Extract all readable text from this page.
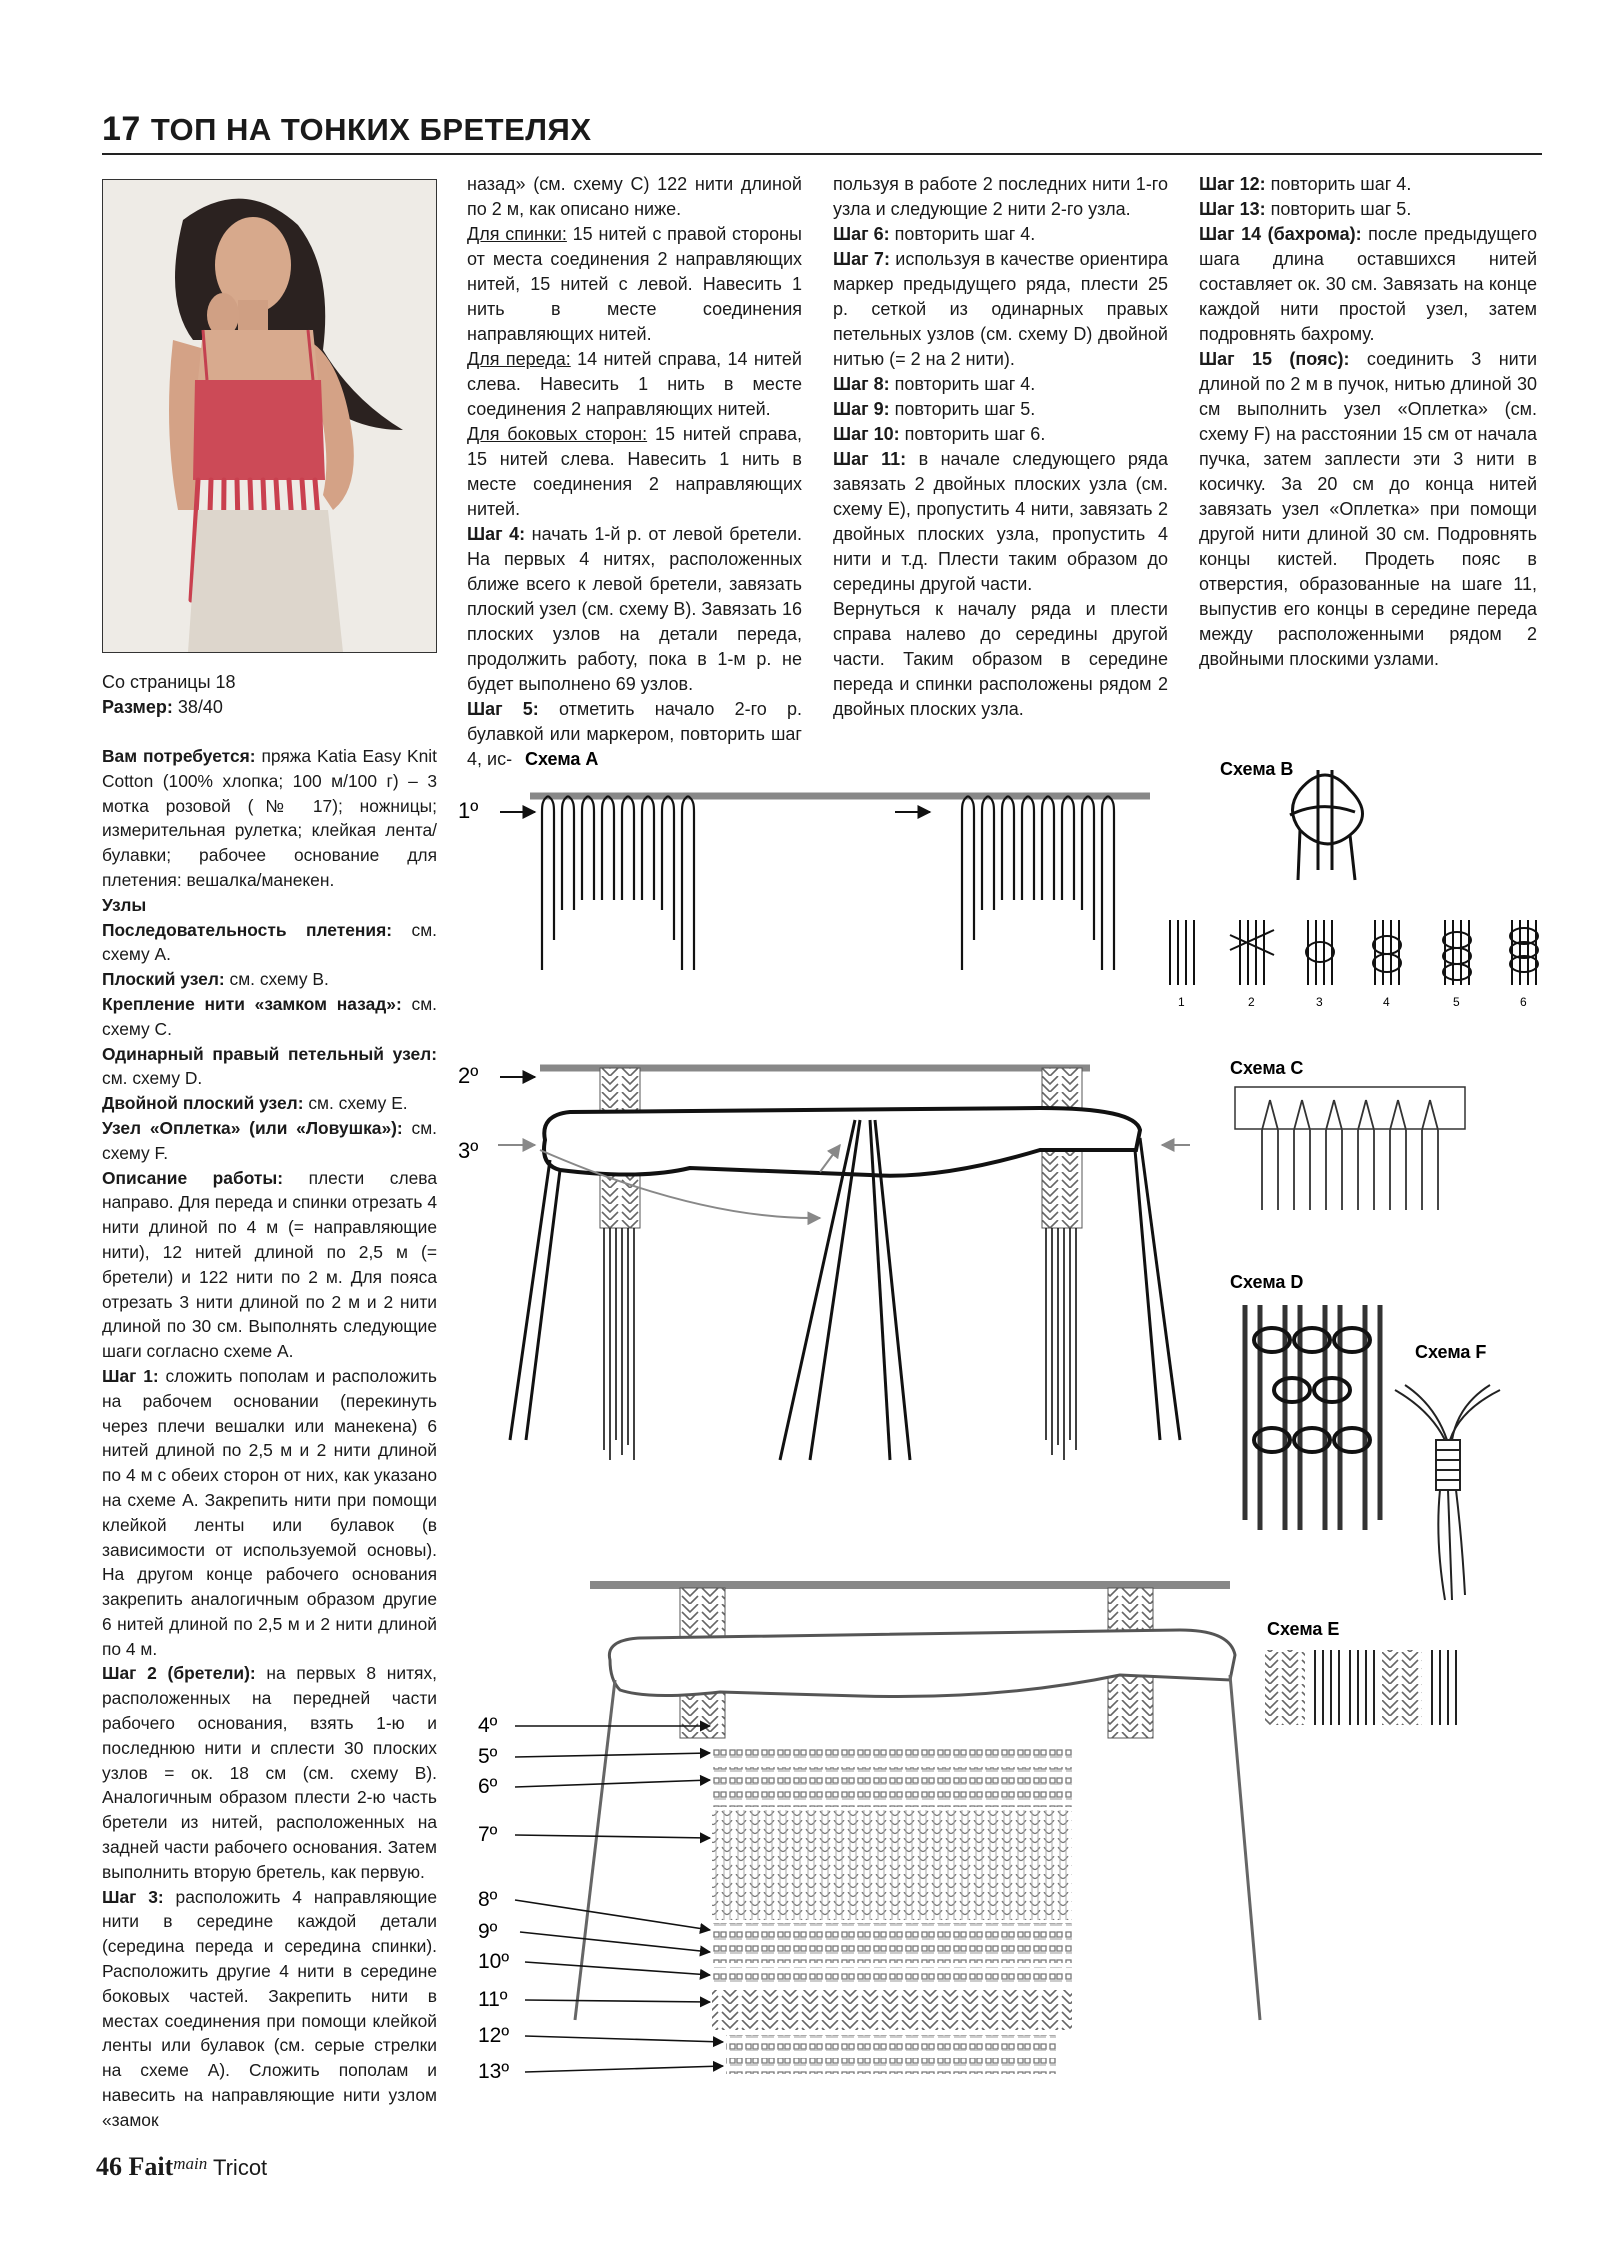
17 ТОП НА ТОНКИХ БРЕТЕЛЯХ
Со страницы 18
Размер: 38/40

Вам потребуется: пряжа Katia Easy Knit Cotton (100% хлопка; 100 м/100 г) – 3 мотка розовой (№ 17); ножницы; измерительная рулетка; клейкая лента/булавки; рабочее основание для плетения: вешалка/манекен.

Узлы

Последовательность плетения: см. схему A.

Плоский узел: см. схему B.

Крепление нити «замком назад»: см. схему C.

Одинарный правый петельный узел: см. схему D.

Двойной плоский узел: см. схему E.

Узел «Оплетка» (или «Ловушка»): см. схему F.

Описание работы: плести слева направо. Для переда и спинки отрезать 4 нити длиной по 4 м (= направляющие нити), 12 нитей длиной по 2,5 м (= бретели) и 122 нити по 2 м. Для пояса отрезать 3 нити длиной по 2 м и 2 нити длиной по 30 см. Выполнять следующие шаги согласно схеме A.

Шаг 1: сложить пополам и расположить на рабочем основании (перекинуть через плечи вешалки или манекена) 6 нитей длиной по 2,5 м и 2 нити длиной по 4 м с обеих сторон от них, как указано на схеме A. Закрепить нити при помощи клейкой ленты или булавок (в зависимости от используемой основы). На другом конце рабочего основания закрепить аналогичным образом другие 6 нитей длиной по 2,5 м и 2 нити длиной по 4 м.

Шаг 2 (бретели): на первых 8 нитях, расположенных на передней части рабочего основания, взять 1-ю и последнюю нити и сплести 30 плоских узлов = ок. 18 см (см. схему B). Аналогичным образом плести 2-ю часть бретели из нитей, расположенных на задней части рабочего основания. Затем выполнить вторую бретель, как первую.

Шаг 3: расположить 4 направляющие нити в середине каждой детали (середина переда и середина спинки). Расположить другие 4 нити в середине боковых частей. Закрепить нити в местах соединения при помощи клейкой ленты или булавок (см. серые стрелки на схеме A). Сложить пополам и навесить на направляющие нити узлом «замок

назад» (см. схему C) 122 нити длиной по 2 м, как описано ниже.

Для спинки: 15 нитей с правой стороны от места соединения 2 направляющих нитей, 15 нитей с левой. Навесить 1 нить в месте соединения направляющих нитей.

Для переда: 14 нитей справа, 14 нитей слева. Навесить 1 нить в месте соединения 2 направляющих нитей.

Для боковых сторон: 15 нитей справа, 15 нитей слева. Навесить 1 нить в месте соединения 2 направляющих нитей.

Шаг 4: начать 1-й р. от левой бретели. На первых 4 нитях, расположенных ближе всего к левой бретели, завязать плоский узел (см. схему B). Завязать 16 плоских узлов на детали переда, продолжить работу, пока в 1-м р. не будет выполнено 69 узлов.

Шаг 5: отметить начало 2-го р. булавкой или маркером, повторить шаг 4, ис-

пользуя в работе 2 последних нити 1-го узла и следующие 2 нити 2-го узла.

Шаг 6: повторить шаг 4.

Шаг 7: используя в качестве ориентира маркер предыдущего ряда, плести 25 р. сеткой из одинарных правых петельных узлов (см. схему D) двойной нитью (= 2 на 2 нити).

Шаг 8: повторить шаг 4.

Шаг 9: повторить шаг 5.

Шаг 10: повторить шаг 6.

Шаг 11: в начале следующего ряда завязать 2 двойных плоских узла (см. схему E), пропустить 4 нити, завязать 2 двойных плоских узла, пропустить 4 нити и т.д. Плести таким образом до середины другой части.

Вернуться к началу ряда и плести справа налево до середины другой части. Таким образом в середине переда и спинки расположены рядом 2 двойных плоских узла.

Шаг 12: повторить шаг 4.

Шаг 13: повторить шаг 5.

Шаг 14 (бахрома): после предыдущего шага длина оставшихся нитей составляет ок. 30 см. Завязать на конце каждой нити простой узел, затем подровнять бахрому.

Шаг 15 (пояс): соединить 3 нити длиной по 2 м в пучок, нитью длиной 30 см выполнить узел «Оплетка» (см. схему F) на расстоянии 15 см от начала пучка, затем заплести эти 3 нити в косичку. За 20 см до конца нитей завязать узел «Оплетка» при помощи другой нити длиной 30 см. Подровнять концы кистей. Продеть пояс в отверстия, образованные на шаге 11, выпустив его концы в середине переда между расположенными рядом 2 двойными плоскими узлами.

Схема A
1º
2º
3º
4º
5º
6º
7º
8º
9º
10º
11º
12º
13º
Схема B
1	2	3	4	5	6
Схема C
Схема D
Схема F
Схема E
46 Fait$^{main}$ Tricot
